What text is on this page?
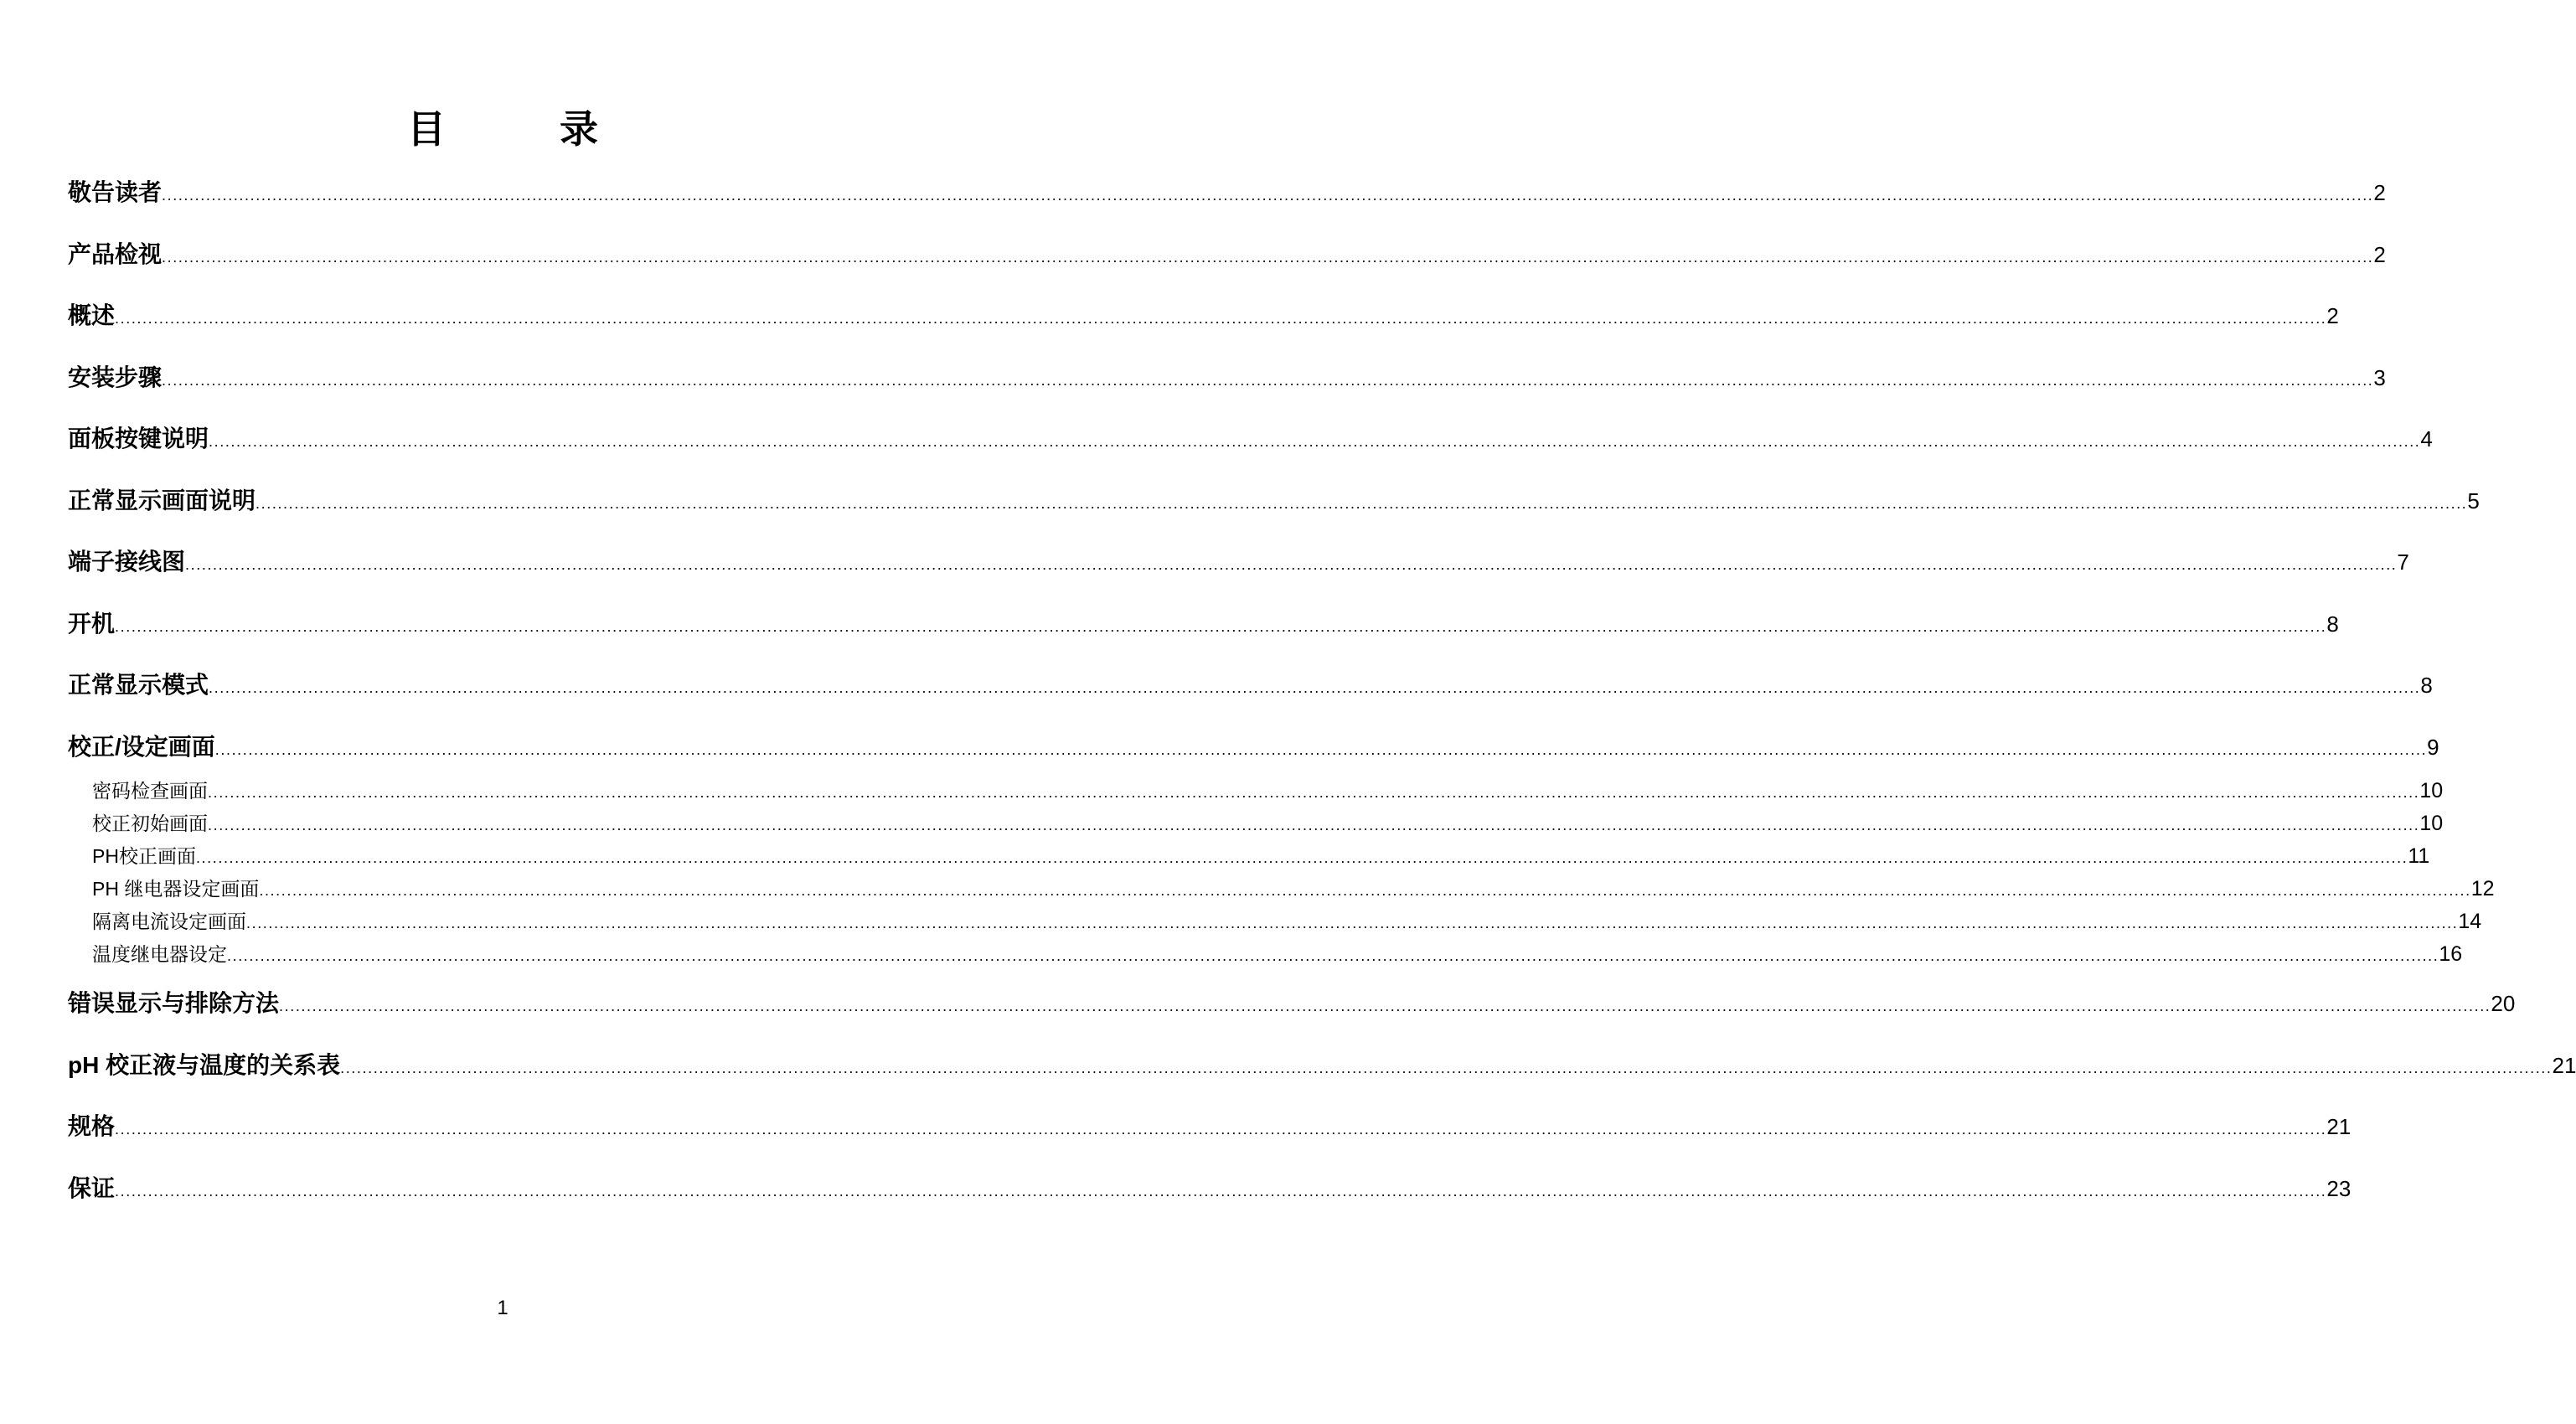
目	录
敬告读者 ................................................................................................................................................................................................................................................................................................................................................................................................................ 2
产品检视 ................................................................................................................................................................................................................................................................................................................................................................................................................ 2
概述 ................................................................................................................................................................................................................................................................................................................................................................................................................ 2
安装步骤 ................................................................................................................................................................................................................................................................................................................................................................................................................ 3
面板按键说明 ................................................................................................................................................................................................................................................................................................................................................................................................................ 4
正常显示画面说明 ................................................................................................................................................................................................................................................................................................................................................................................................................ 5
端子接线图 ................................................................................................................................................................................................................................................................................................................................................................................................................ 7
开机 ................................................................................................................................................................................................................................................................................................................................................................................................................ 8
正常显示模式 ................................................................................................................................................................................................................................................................................................................................................................................................................ 8
校正/设定画面 ................................................................................................................................................................................................................................................................................................................................................................................................................ 9
密码检查画面 ................................................................................................................................................................................................................................................................................................................................................................................................................ 10
校正初始画面 ................................................................................................................................................................................................................................................................................................................................................................................................................ 10
PH校正画面 ................................................................................................................................................................................................................................................................................................................................................................................................................ 11
PH 继电器设定画面 ................................................................................................................................................................................................................................................................................................................................................................................................................ 12
隔离电流设定画面 ................................................................................................................................................................................................................................................................................................................................................................................................................ 14
温度继电器设定 ................................................................................................................................................................................................................................................................................................................................................................................................................ 16
错误显示与排除方法 ................................................................................................................................................................................................................................................................................................................................................................................................................ 20
pH 校正液与温度的关系表 ................................................................................................................................................................................................................................................................................................................................................................................................................ 21
规格 ................................................................................................................................................................................................................................................................................................................................................................................................................ 21
保证 ................................................................................................................................................................................................................................................................................................................................................................................................................ 23
1
